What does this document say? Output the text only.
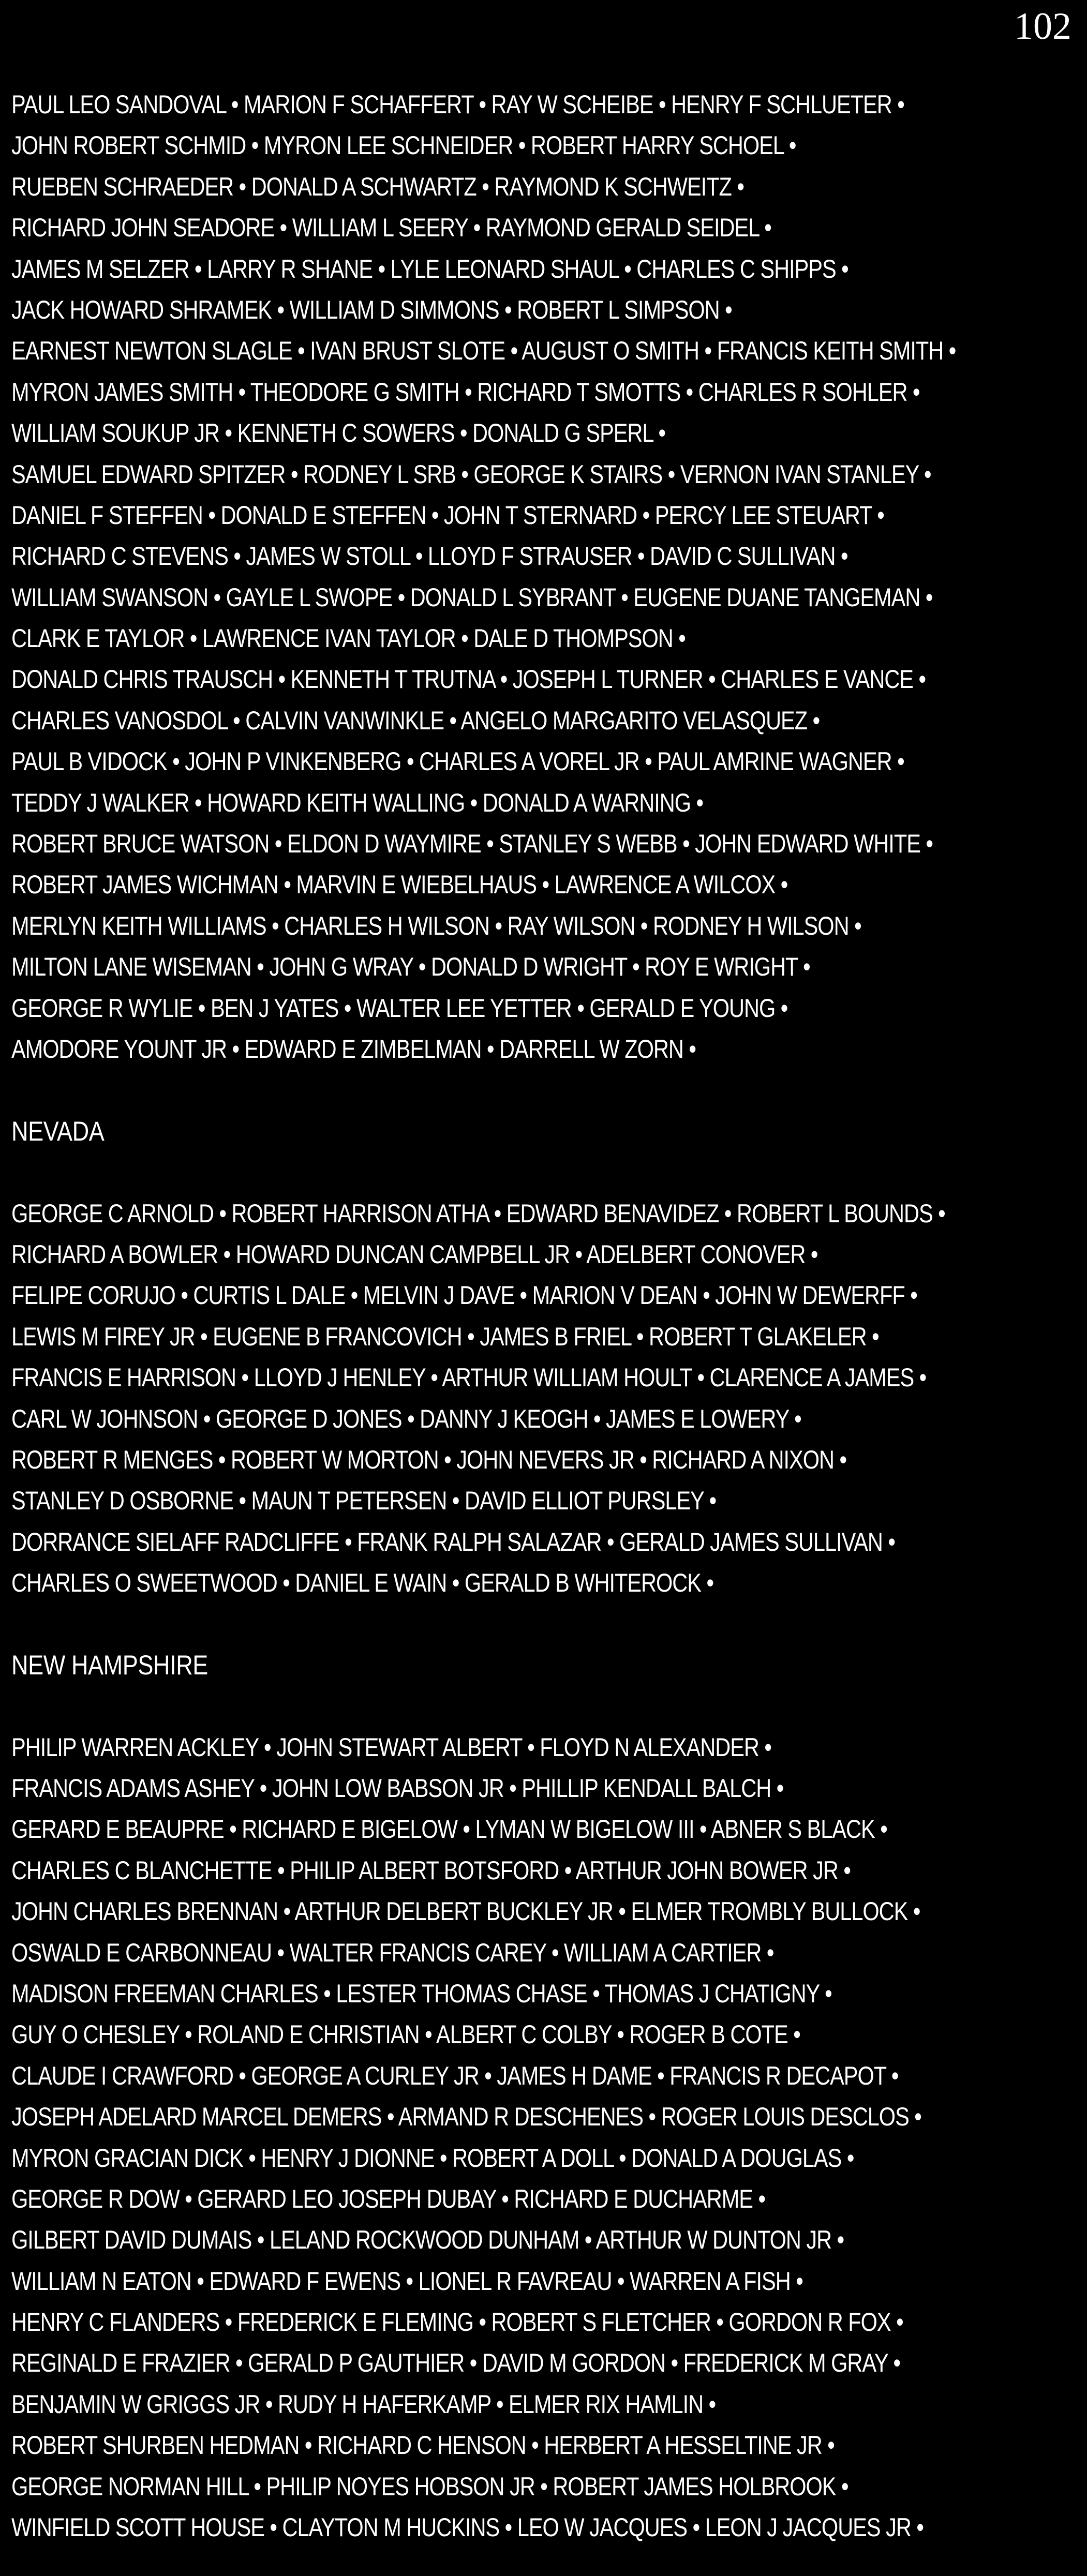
102
PAUL LEO SANDOVAL • MARION F SCHAFFERT • RAY W SCHEIBE • HENRY F SCHLUETER •
JOHN ROBERT SCHMID • MYRON LEE SCHNEIDER • ROBERT HARRY SCHOEL •
RUEBEN SCHRAEDER • DONALD A SCHWARTZ • RAYMOND K SCHWEITZ •
RICHARD JOHN SEADORE • WILLIAM L SEERY • RAYMOND GERALD SEIDEL •
JAMES M SELZER • LARRY R SHANE • LYLE LEONARD SHAUL • CHARLES C SHIPPS •
JACK HOWARD SHRAMEK • WILLIAM D SIMMONS • ROBERT L SIMPSON •
EARNEST NEWTON SLAGLE • IVAN BRUST SLOTE • AUGUST O SMITH • FRANCIS KEITH SMITH •
MYRON JAMES SMITH • THEODORE G SMITH • RICHARD T SMOTTS • CHARLES R SOHLER •
WILLIAM SOUKUP JR • KENNETH C SOWERS • DONALD G SPERL •
SAMUEL EDWARD SPITZER • RODNEY L SRB • GEORGE K STAIRS • VERNON IVAN STANLEY •
DANIEL F STEFFEN • DONALD E STEFFEN • JOHN T STERNARD • PERCY LEE STEUART •
RICHARD C STEVENS • JAMES W STOLL • LLOYD F STRAUSER • DAVID C SULLIVAN •
WILLIAM SWANSON • GAYLE L SWOPE • DONALD L SYBRANT • EUGENE DUANE TANGEMAN •
CLARK E TAYLOR • LAWRENCE IVAN TAYLOR • DALE D THOMPSON •
DONALD CHRIS TRAUSCH • KENNETH T TRUTNA • JOSEPH L TURNER • CHARLES E VANCE •
CHARLES VANOSDOL • CALVIN VANWINKLE • ANGELO MARGARITO VELASQUEZ •
PAUL B VIDOCK • JOHN P VINKENBERG • CHARLES A VOREL JR • PAUL AMRINE WAGNER •
TEDDY J WALKER • HOWARD KEITH WALLING • DONALD A WARNING •
ROBERT BRUCE WATSON • ELDON D WAYMIRE • STANLEY S WEBB • JOHN EDWARD WHITE •
ROBERT JAMES WICHMAN • MARVIN E WIEBELHAUS • LAWRENCE A WILCOX •
MERLYN KEITH WILLIAMS • CHARLES H WILSON • RAY WILSON • RODNEY H WILSON •
MILTON LANE WISEMAN • JOHN G WRAY • DONALD D WRIGHT • ROY E WRIGHT •
GEORGE R WYLIE • BEN J YATES • WALTER LEE YETTER • GERALD E YOUNG •
AMODORE YOUNT JR • EDWARD E ZIMBELMAN • DARRELL W ZORN •
NEVADA
GEORGE C ARNOLD • ROBERT HARRISON ATHA • EDWARD BENAVIDEZ • ROBERT L BOUNDS •
RICHARD A BOWLER • HOWARD DUNCAN CAMPBELL JR • ADELBERT CONOVER •
FELIPE CORUJO • CURTIS L DALE • MELVIN J DAVE • MARION V DEAN • JOHN W DEWERFF •
LEWIS M FIREY JR • EUGENE B FRANCOVICH • JAMES B FRIEL • ROBERT T GLAKELER •
FRANCIS E HARRISON • LLOYD J HENLEY • ARTHUR WILLIAM HOULT • CLARENCE A JAMES •
CARL W JOHNSON • GEORGE D JONES • DANNY J KEOGH • JAMES E LOWERY •
ROBERT R MENGES • ROBERT W MORTON • JOHN NEVERS JR • RICHARD A NIXON •
STANLEY D OSBORNE • MAUN T PETERSEN • DAVID ELLIOT PURSLEY •
DORRANCE SIELAFF RADCLIFFE • FRANK RALPH SALAZAR • GERALD JAMES SULLIVAN •
CHARLES O SWEETWOOD • DANIEL E WAIN • GERALD B WHITEROCK •
NEW HAMPSHIRE
PHILIP WARREN ACKLEY • JOHN STEWART ALBERT • FLOYD N ALEXANDER •
FRANCIS ADAMS ASHEY • JOHN LOW BABSON JR • PHILLIP KENDALL BALCH •
GERARD E BEAUPRE • RICHARD E BIGELOW • LYMAN W BIGELOW III • ABNER S BLACK •
CHARLES C BLANCHETTE • PHILIP ALBERT BOTSFORD • ARTHUR JOHN BOWER JR •
JOHN CHARLES BRENNAN • ARTHUR DELBERT BUCKLEY JR • ELMER TROMBLY BULLOCK •
OSWALD E CARBONNEAU • WALTER FRANCIS CAREY • WILLIAM A CARTIER •
MADISON FREEMAN CHARLES • LESTER THOMAS CHASE • THOMAS J CHATIGNY •
GUY O CHESLEY • ROLAND E CHRISTIAN • ALBERT C COLBY • ROGER B COTE •
CLAUDE I CRAWFORD • GEORGE A CURLEY JR • JAMES H DAME • FRANCIS R DECAPOT •
JOSEPH ADELARD MARCEL DEMERS • ARMAND R DESCHENES • ROGER LOUIS DESCLOS •
MYRON GRACIAN DICK • HENRY J DIONNE • ROBERT A DOLL • DONALD A DOUGLAS •
GEORGE R DOW • GERARD LEO JOSEPH DUBAY • RICHARD E DUCHARME •
GILBERT DAVID DUMAIS • LELAND ROCKWOOD DUNHAM • ARTHUR W DUNTON JR •
WILLIAM N EATON • EDWARD F EWENS • LIONEL R FAVREAU • WARREN A FISH •
HENRY C FLANDERS • FREDERICK E FLEMING • ROBERT S FLETCHER • GORDON R FOX •
REGINALD E FRAZIER • GERALD P GAUTHIER • DAVID M GORDON • FREDERICK M GRAY •
BENJAMIN W GRIGGS JR • RUDY H HAFERKAMP • ELMER RIX HAMLIN •
ROBERT SHURBEN HEDMAN • RICHARD C HENSON • HERBERT A HESSELTINE JR •
GEORGE NORMAN HILL • PHILIP NOYES HOBSON JR • ROBERT JAMES HOLBROOK •
WINFIELD SCOTT HOUSE • CLAYTON M HUCKINS • LEO W JACQUES • LEON J JACQUES JR •
